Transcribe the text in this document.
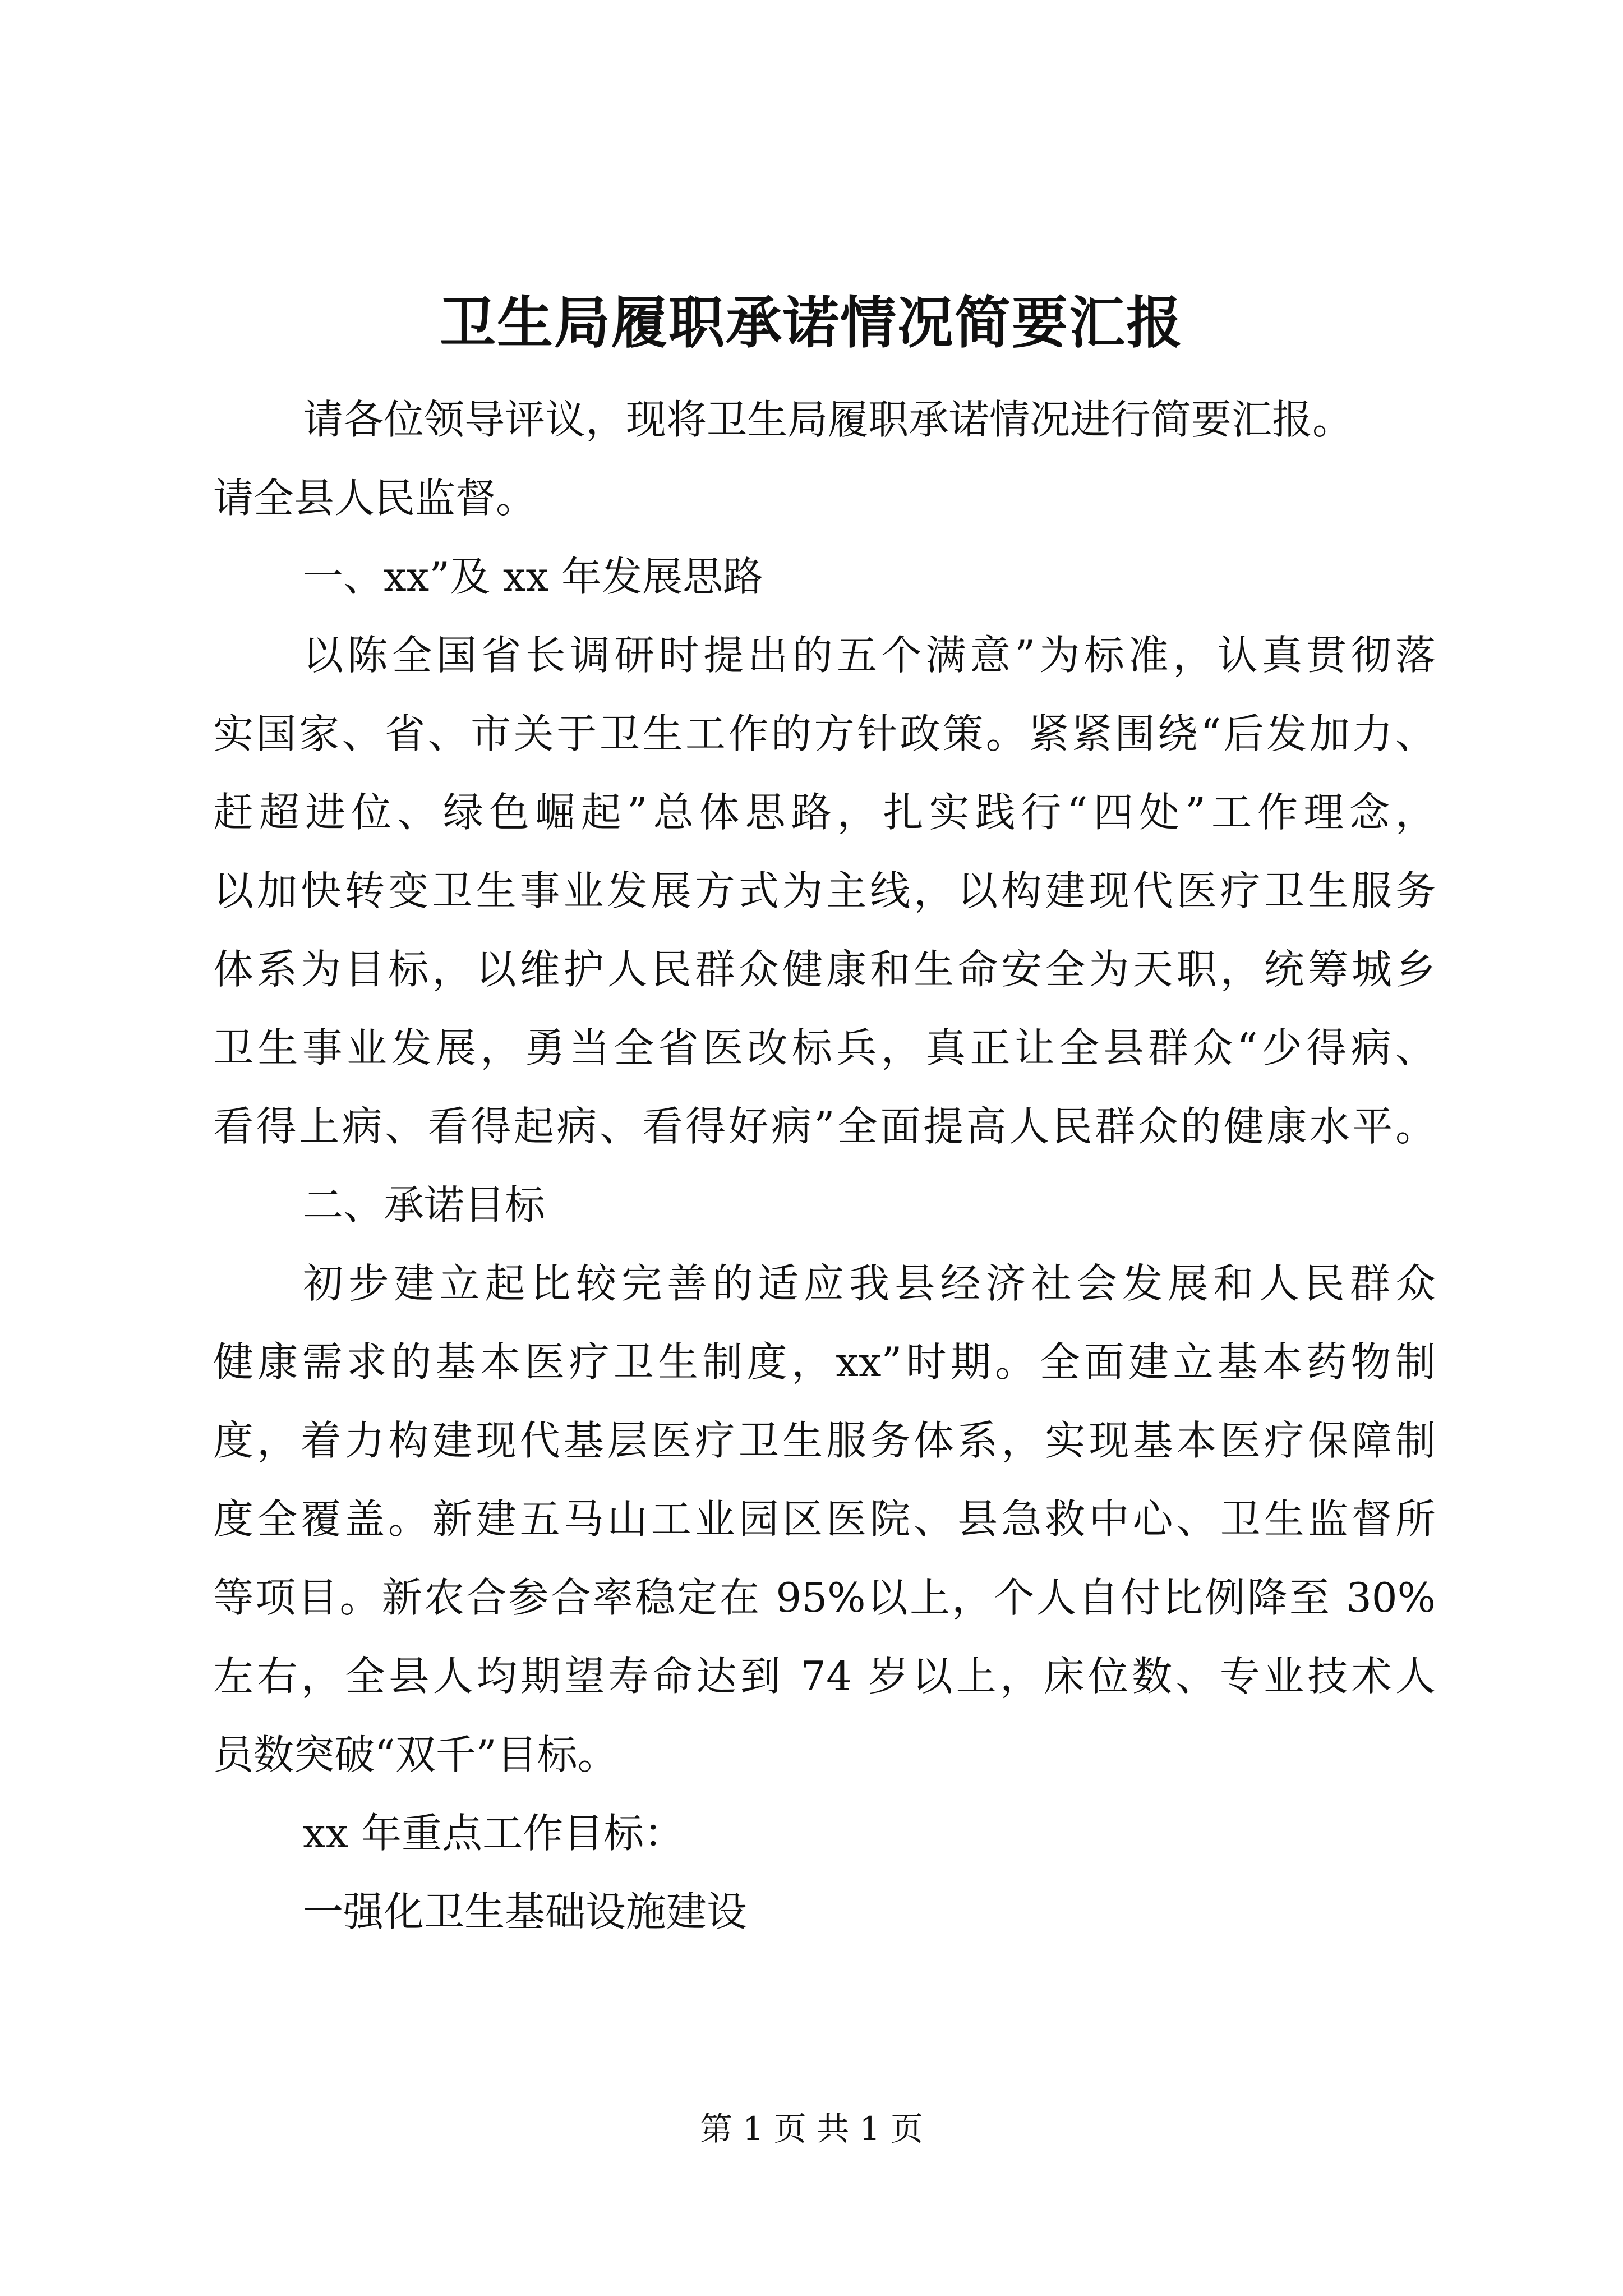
卫生局履职承诺情况简要汇报
请各位领导评议，现将卫生局履职承诺情况进行简要汇报。
请全县人民监督。
一、xx”及 xx 年发展思路
以陈全国省长调研时提出的五个满意”为标准，认真贯彻落
实国家、省、市关于卫生工作的方针政策。紧紧围绕“后发加力、
赶超进位、绿色崛起”总体思路，扎实践行“四处”工作理念，
以加快转变卫生事业发展方式为主线，以构建现代医疗卫生服务
体系为目标，以维护人民群众健康和生命安全为天职，统筹城乡
卫生事业发展，勇当全省医改标兵，真正让全县群众“少得病、
看得上病、看得起病、看得好病”全面提高人民群众的健康水平。
二、承诺目标
初步建立起比较完善的适应我县经济社会发展和人民群众
健康需求的基本医疗卫生制度，xx”时期。全面建立基本药物制
度，着力构建现代基层医疗卫生服务体系，实现基本医疗保障制
度全覆盖。新建五马山工业园区医院、县急救中心、卫生监督所
等项目。新农合参合率稳定在 95%以上，个人自付比例降至 30%
左右，全县人均期望寿命达到 74 岁以上，床位数、专业技术人
员数突破“双千”目标。
xx 年重点工作目标：
一强化卫生基础设施建设
第 1 页 共 1 页
